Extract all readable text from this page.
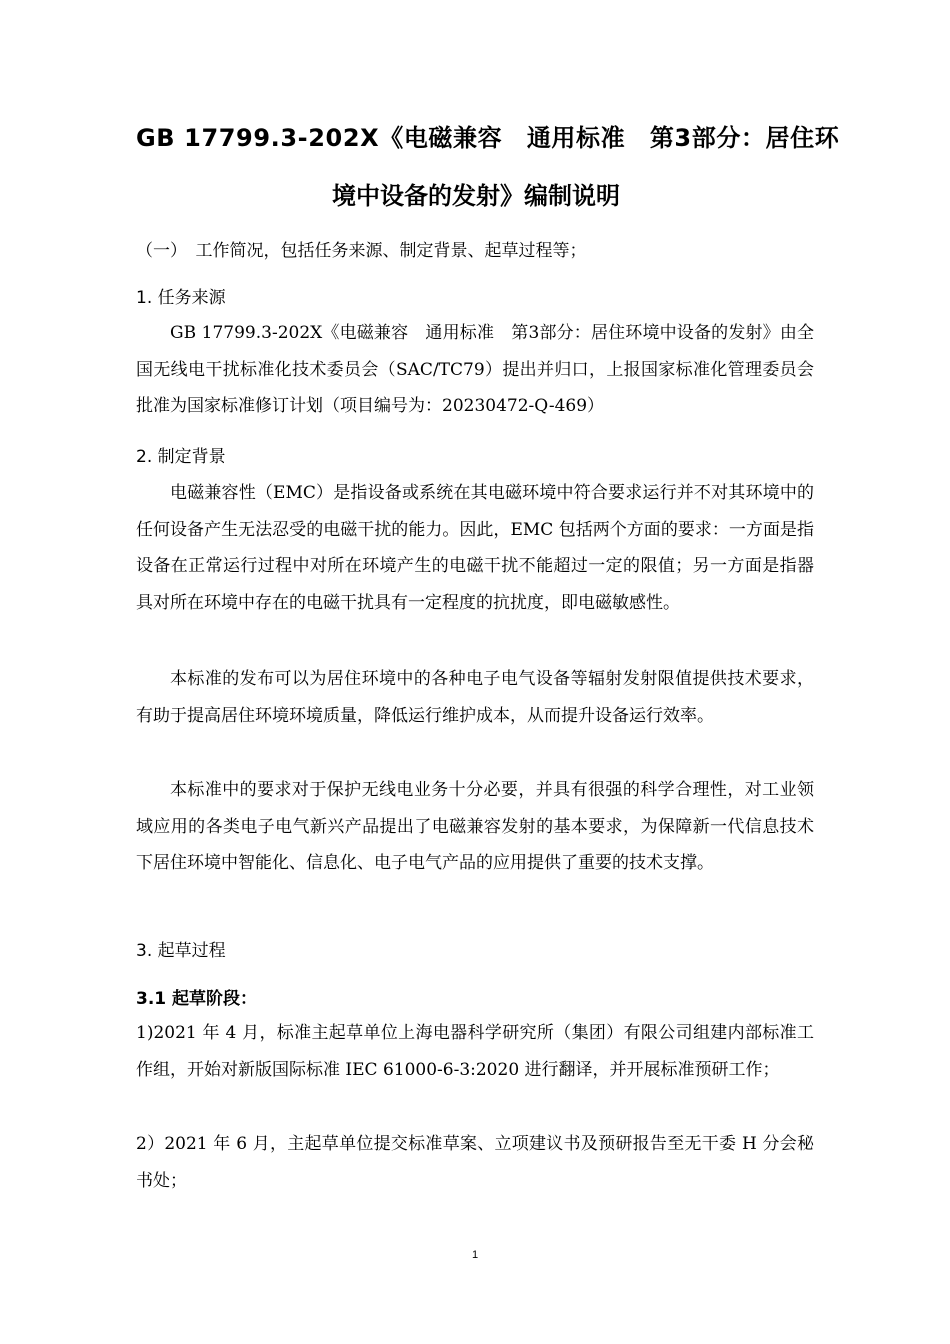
GB 17799.3-202X《电磁兼容　通用标准　第3部分：居住环
境中设备的发射》编制说明
（一）　工作简况，包括任务来源、制定背景、起草过程等；
1. 任务来源
GB 17799.3-202X《电磁兼容　通用标准　第3部分：居住环境中设备的发射》由全国无线电干扰标准化技术委员会（SAC/TC79）提出并归口，上报国家标准化管理委员会批准为国家标准修订计划（项目编号为：20230472-Q-469）
2. 制定背景
电磁兼容性（EMC）是指设备或系统在其电磁环境中符合要求运行并不对其环境中的任何设备产生无法忍受的电磁干扰的能力。因此，EMC 包括两个方面的要求：一方面是指设备在正常运行过程中对所在环境产生的电磁干扰不能超过一定的限值；另一方面是指器具对所在环境中存在的电磁干扰具有一定程度的抗扰度，即电磁敏感性。
本标准的发布可以为居住环境中的各种电子电气设备等辐射发射限值提供技术要求，有助于提高居住环境环境质量，降低运行维护成本，从而提升设备运行效率。
本标准中的要求对于保护无线电业务十分必要，并具有很强的科学合理性，对工业领域应用的各类电子电气新兴产品提出了电磁兼容发射的基本要求，为保障新一代信息技术下居住环境中智能化、信息化、电子电气产品的应用提供了重要的技术支撑。
3. 起草过程
3.1 起草阶段：
1)2021 年 4 月，标准主起草单位上海电器科学研究所（集团）有限公司组建内部标准工作组，开始对新版国际标准 IEC 61000-6-3:2020 进行翻译，并开展标准预研工作；
2）2021 年 6 月，主起草单位提交标准草案、立项建议书及预研报告至无干委 H 分会秘书处；
1
